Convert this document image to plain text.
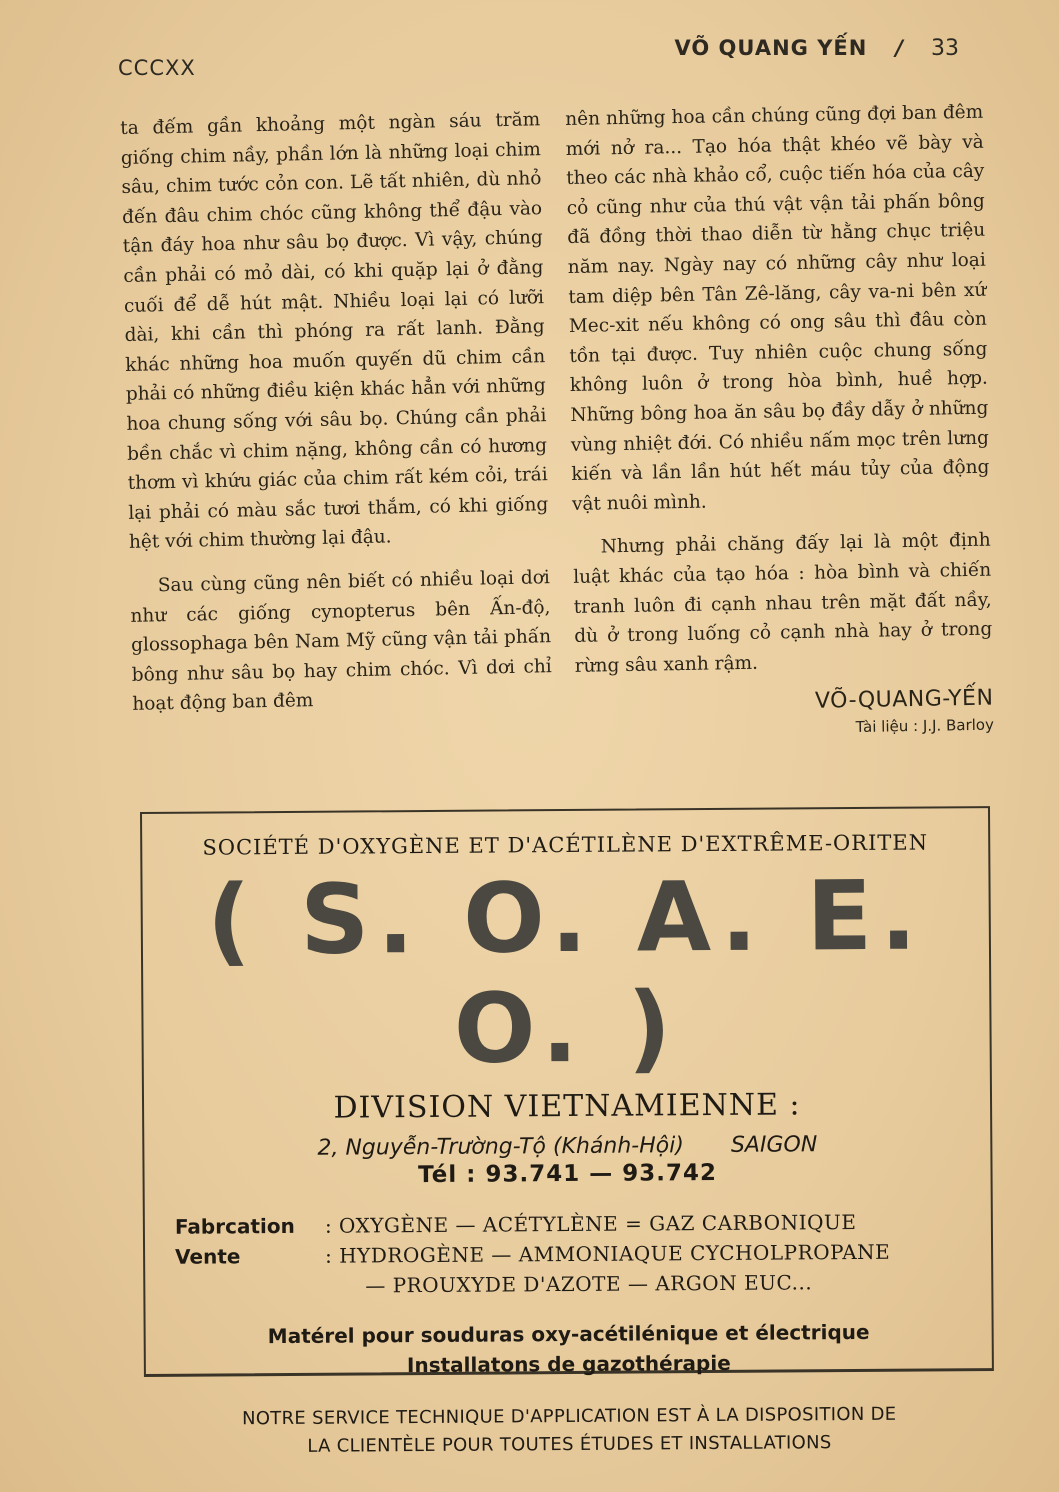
CCCXX
VÕ QUANG YẾN / 33

ta đếm gần khoảng một ngàn sáu trăm giống chim nầy, phần lớn là những loại chim sâu, chim tước cỏn con. Lẽ tất nhiên, dù nhỏ đến đâu chim chóc cũng không thể đậu vào tận đáy hoa như sâu bọ được. Vì vậy, chúng cần phải có mỏ dài, có khi quặp lại ở đằng cuối để dễ hút mật. Nhiều loại lại có lưỡi dài, khi cần thì phóng ra rất lanh. Đằng khác những hoa muốn quyến dũ chim cần phải có những điều kiện khác hẳn với những hoa chung sống với sâu bọ. Chúng cần phải bền chắc vì chim nặng, không cần có hương thơm vì khứu giác của chim rất kém cỏi, trái lại phải có màu sắc tươi thắm, có khi giống hệt với chim thường lại đậu.

Sau cùng cũng nên biết có nhiều loại dơi như các giống cynopterus bên Ấn-độ, glossophaga bên Nam Mỹ cũng vận tải phấn bông như sâu bọ hay chim chóc. Vì dơi chỉ hoạt động ban đêm

nên những hoa cần chúng cũng đợi ban đêm mới nở ra... Tạo hóa thật khéo vẽ bày và theo các nhà khảo cổ, cuộc tiến hóa của cây cỏ cũng như của thú vật vận tải phấn bông đã đồng thời thao diễn từ hằng chục triệu năm nay. Ngày nay có những cây như loại tam diệp bên Tân Zê-lăng, cây va-ni bên xứ Mec-xit nếu không có ong sâu thì đâu còn tồn tại được. Tuy nhiên cuộc chung sống không luôn ở trong hòa bình, huề hợp. Những bông hoa ăn sâu bọ đầy dẫy ở những vùng nhiệt đới. Có nhiều nấm mọc trên lưng kiến và lần lần hút hết máu tủy của động vật nuôi mình.

Nhưng phải chăng đấy lại là một định luật khác của tạo hóa : hòa bình và chiến tranh luôn đi cạnh nhau trên mặt đất nầy, dù ở trong luống cỏ cạnh nhà hay ở trong rừng sâu xanh rậm.

VÕ-QUANG-YẾN
Tài liệu : J.J. Barloy
SOCIÉTÉ D'OXYGÈNE ET D'ACÉTILÈNE D'EXTRÊME-ORITEN
( S. O. A. E. O. )
DIVISION VIETNAMIENNE :
2, Nguyễn-Trường-Tộ (Khánh-Hội) SAIGON
Tél : 93.741 — 93.742
Fabrcation	: OXYGÈNE — ACÉTYLÈNE = GAZ CARBONIQUE
Vente	: HYDROGÈNE — AMMONIAQUE CYCHOLPROPANE
— PROUXYDE D'AZOTE — ARGON EUC...
Matérel pour souduras oxy-acétilénique et électrique
Installatons de gazothérapie
NOTRE SERVICE TECHNIQUE D'APPLICATION EST À LA DISPOSITION DE
LA CLIENTÈLE POUR TOUTES ÉTUDES ET INSTALLATIONS
